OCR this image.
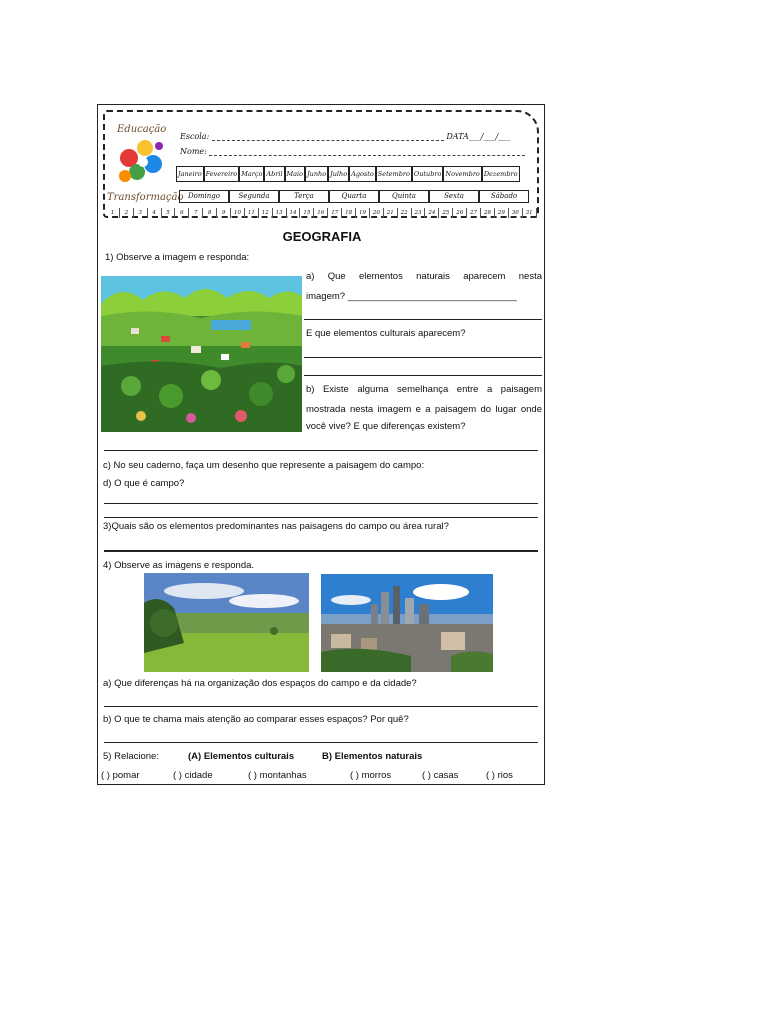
Educação
Transformação
Escola:	DATA___/___/___
Nome:
Janeiro Fevereiro Março Abril Maio Junho Julho Agosto Setembro Outubro Novembro Dezembro
Domingo	Segunda	Terça	Quarta	Quinta	Sexta	Sábado
1	2	3	4	5	6	7	8	9	10	11	12	13	14	15	16	17	18	19	20	21	22	23	24	25	26	27	28	29	30	31
GEOGRAFIA
1) Observe a imagem e responda:
a) Que elementos naturais aparecem nesta
imagem? ________________________________
E que elementos culturais aparecem?
b) Existe alguma semelhança entre a paisagem
mostrada nesta imagem e a paisagem do lugar onde
você vive? E que diferenças existem?
c) No seu caderno, faça um desenho que represente a paisagem do campo:
d) O que é campo?
3)Quais são os elementos predominantes nas paisagens do campo ou área rural?
4) Observe as imagens e responda.
a) Que diferenças há na organização dos espaços do campo e da cidade?
b) O que te chama mais atenção ao comparar esses espaços? Por quê?
5) Relacione:	(A) Elementos culturais	B) Elementos naturais
( ) pomar	( ) cidade	( ) montanhas	( ) morros	( ) casas	( ) rios
